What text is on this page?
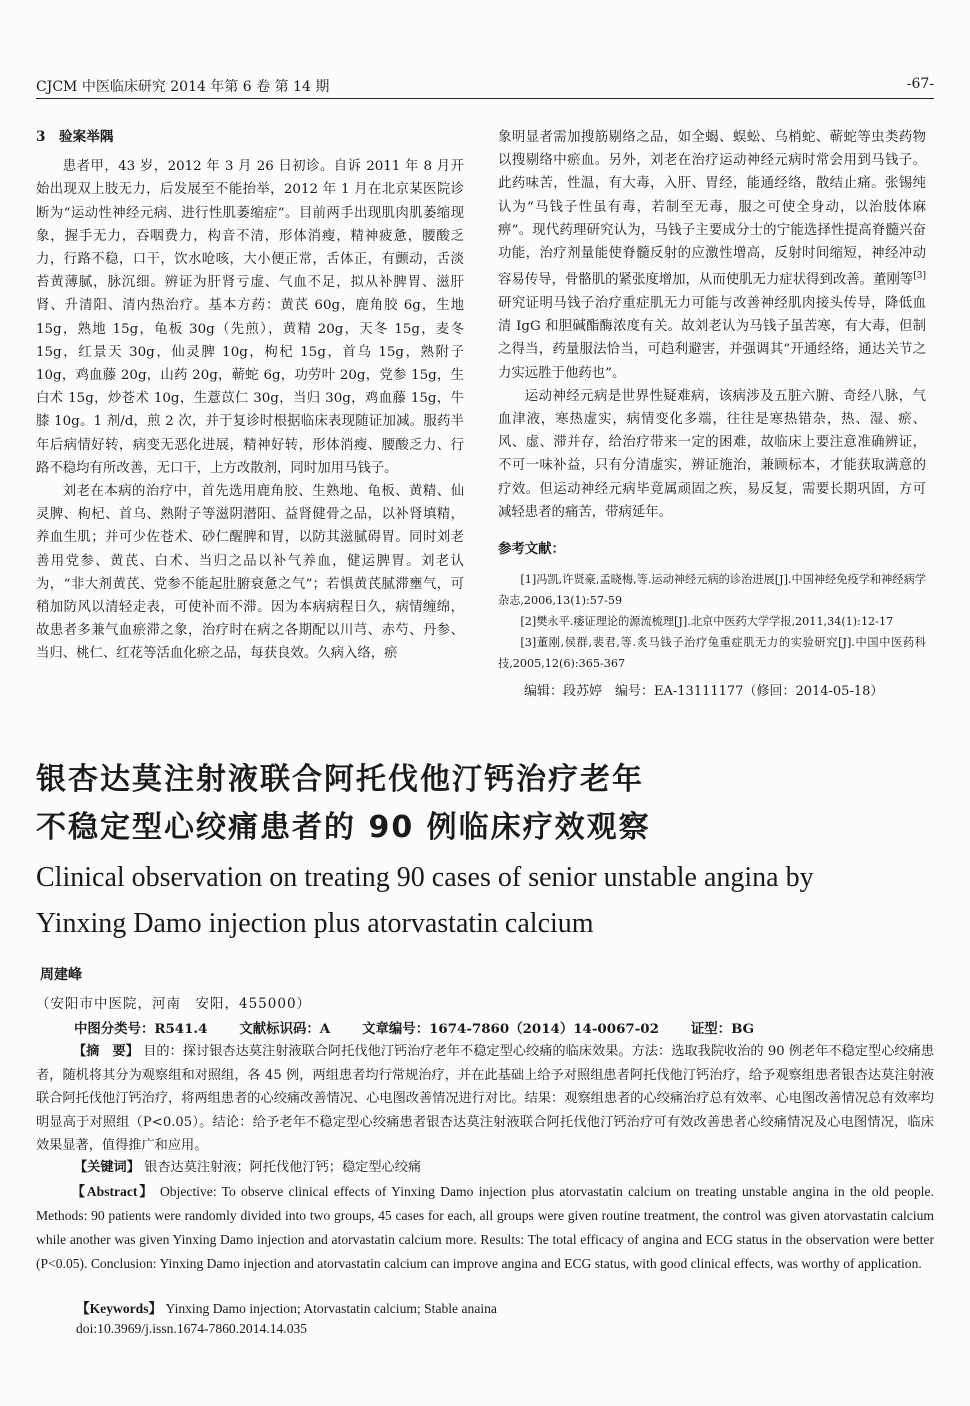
CJCM 中医临床研究 2014 年第 6 卷 第 14 期	-67-
3　验案举隅

患者甲，43 岁，2012 年 3 月 26 日初诊。自诉 2011 年 8 月开始出现双上肢无力，后发展至不能抬举，2012 年 1 月在北京某医院诊断为“运动性神经元病、进行性肌萎缩症”。目前两手出现肌肉肌萎缩现象，握手无力，吞咽费力，构音不清，形体消瘦，精神疲惫，腰酸乏力，行路不稳，口干，饮水呛咳，大小便正常，舌体正，有颤动，舌淡苔黄薄腻，脉沉细。辨证为肝肾亏虚、气血不足，拟从补脾胃、滋肝肾、升清阳、清内热治疗。基本方药：黄芪 60g，鹿角胶 6g，生地 15g，熟地 15g，龟板 30g（先煎），黄精 20g，天冬 15g，麦冬 15g，红景天 30g，仙灵脾 10g，枸杞 15g，首乌 15g，熟附子 10g，鸡血藤 20g，山药 20g，蕲蛇 6g，功劳叶 20g，党参 15g，生白术 15g，炒苍术 10g，生薏苡仁 30g，当归 30g，鸡血藤 15g，牛膝 10g。1 剂/d，煎 2 次，并于复诊时根据临床表现随证加减。服药半年后病情好转，病变无恶化进展，精神好转，形体消瘦、腰酸乏力、行路不稳均有所改善，无口干，上方改散剂，同时加用马钱子。

刘老在本病的治疗中，首先选用鹿角胶、生熟地、龟板、黄精、仙灵脾、枸杞、首乌、熟附子等滋阴潜阳、益肾健骨之品，以补肾填精，养血生肌；并可少佐苍术、砂仁醒脾和胃，以防其滋腻碍胃。同时刘老善用党参、黄芪、白术、当归之品以补气养血，健运脾胃。刘老认为，“非大剂黄芪、党参不能起肚腑衰惫之气”；若惧黄芪腻滞壅气，可稍加防风以清轻走表，可使补而不滞。因为本病病程日久，病情缠绵，故患者多兼气血瘀滞之象，治疗时在病之各期配以川芎、赤芍、丹参、当归、桃仁、红花等活血化瘀之品，每获良效。久病入络，瘀

象明显者需加搜筋剔络之品，如全蝎、蜈蚣、乌梢蛇、蕲蛇等虫类药物以搜剔络中瘀血。另外，刘老在治疗运动神经元病时常会用到马钱子。此药味苦，性温，有大毒，入肝、胃经，能通经络，散结止痛。张锡纯认为“马钱子性虽有毒，若制至无毒，服之可使全身动，以治肢体麻痹”。现代药理研究认为，马钱子主要成分士的宁能选择性提高脊髓兴奋功能，治疗剂量能使脊髓反射的应激性增高，反射时间缩短，神经冲动容易传导，骨骼肌的紧张度增加，从而使肌无力症状得到改善。董刚等[3]研究证明马钱子治疗重症肌无力可能与改善神经肌肉接头传导，降低血清 IgG 和胆碱酯酶浓度有关。故刘老认为马钱子虽苦寒，有大毒，但制之得当，药量服法恰当，可趋利避害，并强调其“开通经络，通达关节之力实远胜于他药也”。

运动神经元病是世界性疑难病，该病涉及五脏六腑、奇经八脉，气血津液，寒热虚实，病情变化多端，往往是寒热错杂，热、湿、瘀、风、虚、滞并存，给治疗带来一定的困难，故临床上要注意准确辨证，不可一味补益，只有分清虚实，辨证施治，兼顾标本，才能获取满意的疗效。但运动神经元病毕竟属顽固之疾，易反复，需要长期巩固，方可减轻患者的痛苦，带病延年。

参考文献：

[1]冯凯,许贤豪,孟晓梅,等.运动神经元病的诊治进展[J].中国神经免疫学和神经病学杂志,2006,13(1):57-59

[2]樊永平.痿证理论的源流梳理[J].北京中医药大学学报,2011,34(1):12-17

[3]董刚,侯群,裴君,等.炙马钱子治疗兔重症肌无力的实验研究[J].中国中医药科技,2005,12(6):365-367

编辑：段苏婷　编号：EA-13111177（修回：2014-05-18）
银杏达莫注射液联合阿托伐他汀钙治疗老年
不稳定型心绞痛患者的 90 例临床疗效观察
Clinical observation on treating 90 cases of senior unstable angina by
Yinxing Damo injection plus atorvastatin calcium
周建峰
（安阳市中医院，河南　安阳，455000）
中图分类号：R541.4 文献标识码：A 文章编号：1674-7860（2014）14-0067-02 证型：BG
【摘　要】 目的：探讨银杏达莫注射液联合阿托伐他汀钙治疗老年不稳定型心绞痛的临床效果。方法：选取我院收治的 90 例老年不稳定型心绞痛患者，随机将其分为观察组和对照组，各 45 例，两组患者均行常规治疗，并在此基础上给予对照组患者阿托伐他汀钙治疗，给予观察组患者银杏达莫注射液联合阿托伐他汀钙治疗，将两组患者的心绞痛改善情况、心电图改善情况进行对比。结果：观察组患者的心绞痛治疗总有效率、心电图改善情况总有效率均明显高于对照组（P<0.05）。结论：给予老年不稳定型心绞痛患者银杏达莫注射液联合阿托伐他汀钙治疗可有效改善患者心绞痛情况及心电图情况，临床效果显著，值得推广和应用。
【关键词】 银杏达莫注射液；阿托伐他汀钙；稳定型心绞痛
【Abstract】 Objective: To observe clinical effects of Yinxing Damo injection plus atorvastatin calcium on treating unstable angina in the old people. Methods: 90 patients were randomly divided into two groups, 45 cases for each, all groups were given routine treatment, the control was given atorvastatin calcium while another was given Yinxing Damo injection and atorvastatin calcium more. Results: The total efficacy of angina and ECG status in the observation were better (P<0.05). Conclusion: Yinxing Damo injection and atorvastatin calcium can improve angina and ECG status, with good clinical effects, was worthy of application.
【Keywords】 Yinxing Damo injection; Atorvastatin calcium; Stable anaina
doi:10.3969/j.issn.1674-7860.2014.14.035
